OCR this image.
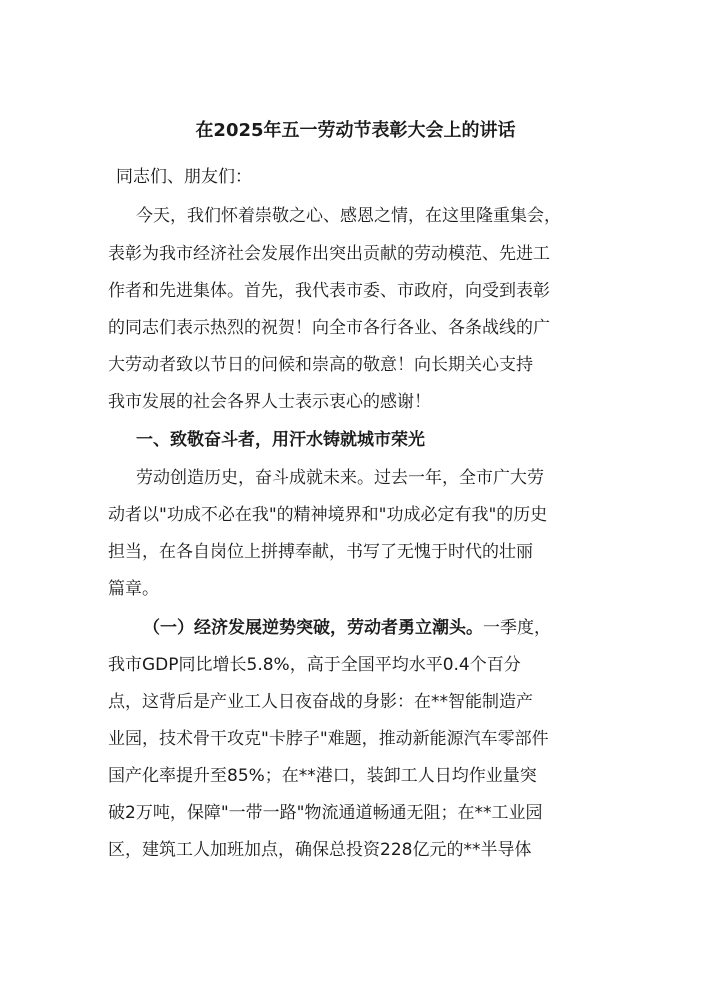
在2025年五一劳动节表彰大会上的讲话
同志们、朋友们：
今天，我们怀着崇敬之心、感恩之情，在这里隆重集会，
表彰为我市经济社会发展作出突出贡献的劳动模范、先进工
作者和先进集体。首先，我代表市委、市政府，向受到表彰
的同志们表示热烈的祝贺！向全市各行各业、各条战线的广
大劳动者致以节日的问候和崇高的敬意！向长期关心支持
我市发展的社会各界人士表示衷心的感谢！
一、致敬奋斗者，用汗水铸就城市荣光
劳动创造历史，奋斗成就未来。过去一年，全市广大劳
动者以"功成不必在我"的精神境界和"功成必定有我"的历史
担当，在各自岗位上拼搏奉献，书写了无愧于时代的壮丽
篇章。
（一）经济发展逆势突破，劳动者勇立潮头。一季度，
我市GDP同比增长5.8%，高于全国平均水平0.4个百分
点，这背后是产业工人日夜奋战的身影：在**智能制造产
业园，技术骨干攻克"卡脖子"难题，推动新能源汽车零部件
国产化率提升至85%；在**港口，装卸工人日均作业量突
破2万吨，保障"一带一路"物流通道畅通无阻；在**工业园
区，建筑工人加班加点，确保总投资228亿元的**半导体
